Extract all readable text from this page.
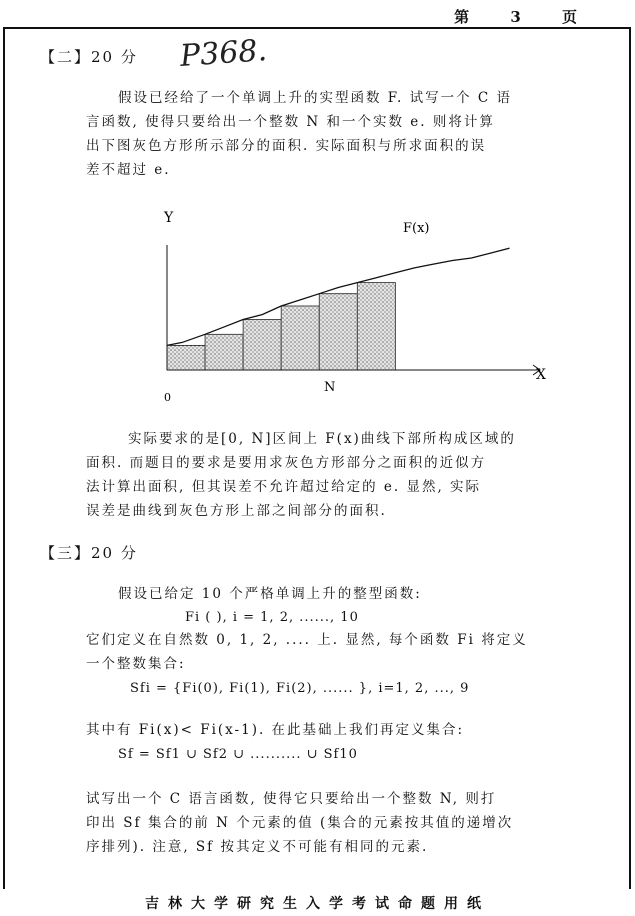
第 3 页
【二】20 分 P368.
假设已经给了一个单调上升的实型函数 F. 试写一个 C 语
言函数, 使得只要给出一个整数 N 和一个实数 e. 则将计算
出下图灰色方形所示部分的面积. 实际面积与所求面积的误
差不超过 e.
Y
X
0
N
F(x)
实际要求的是[0, N]区间上 F(x)曲线下部所构成区域的
面积. 而题目的要求是要用求灰色方形部分之面积的近似方
法计算出面积, 但其误差不允许超过给定的 e. 显然, 实际
误差是曲线到灰色方形上部之间部分的面积.
【三】20 分
假设已给定 10 个严格单调上升的整型函数:
Fi ( ), i = 1, 2, ......, 10
它们定义在自然数 0, 1, 2, .... 上. 显然, 每个函数 Fi 将定义
一个整数集合:
Sfi = {Fi(0), Fi(1), Fi(2), ...... }, i=1, 2, ..., 9
其中有 Fi(x)< Fi(x-1). 在此基础上我们再定义集合:
Sf = Sf1 ∪ Sf2 ∪ .......... ∪ Sf10
试写出一个 C 语言函数, 使得它只要给出一个整数 N, 则打
印出 Sf 集合的前 N 个元素的值 (集合的元素按其值的递增次
序排列). 注意, Sf 按其定义不可能有相同的元素.
吉林大学研究生入学考试命题用纸
